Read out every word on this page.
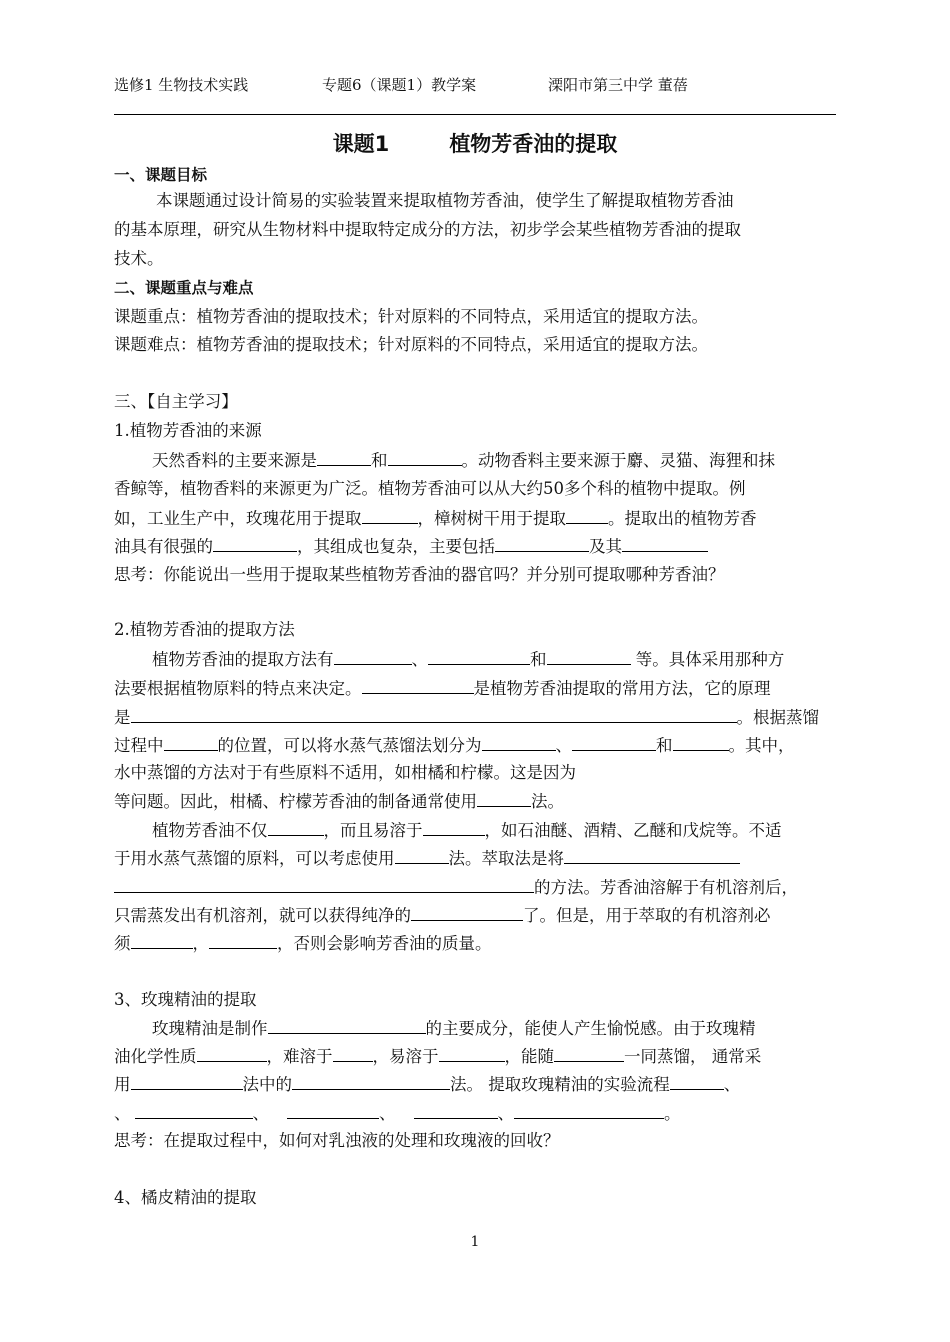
选修1 生物技术实践	专题6（课题1）教学案	溧阳市第三中学 董蓓
课题1	植物芳香油的提取
一、课题目标
本课题通过设计简易的实验装置来提取植物芳香油，使学生了解提取植物芳香油
的基本原理，研究从生物材料中提取特定成分的方法，初步学会某些植物芳香油的提取
技术。
二、课题重点与难点
课题重点：植物芳香油的提取技术；针对原料的不同特点，采用适宜的提取方法。
课题难点：植物芳香油的提取技术；针对原料的不同特点，采用适宜的提取方法。
三、【自主学习】
1.植物芳香油的来源
天然香料的主要来源是	和	。动物香料主要来源于麝、灵猫、海狸和抹
香鲸等，植物香料的来源更为广泛。植物芳香油可以从大约50多个科的植物中提取。例
如，工业生产中，玫瑰花用于提取	，樟树树干用于提取	。提取出的植物芳香
油具有很强的	，其组成也复杂，主要包括	及其
思考：你能说出一些用于提取某些植物芳香油的器官吗？并分别可提取哪种芳香油？
2.植物芳香油的提取方法
植物芳香油的提取方法有	、	和	等。具体采用那种方
法要根据植物原料的特点来决定。	是植物芳香油提取的常用方法，它的原理
是	。根据蒸馏
过程中	的位置，可以将水蒸气蒸馏法划分为	、	和	。其中，
水中蒸馏的方法对于有些原料不适用，如柑橘和柠檬。这是因为
等问题。因此，柑橘、柠檬芳香油的制备通常使用	法。
植物芳香油不仅	，而且易溶于	，如石油醚、酒精、乙醚和戊烷等。不适
于用水蒸气蒸馏的原料，可以考虑使用	法。萃取法是将
的方法。芳香油溶解于有机溶剂后，
只需蒸发出有机溶剂，就可以获得纯净的	了。但是，用于萃取的有机溶剂必
须	，	，否则会影响芳香油的质量。
3、玫瑰精油的提取
玫瑰精油是制作	的主要成分，能使人产生愉悦感。由于玫瑰精
油化学性质	，难溶于 ，易溶于	，能随	一同蒸馏， 通常采
用	法中的	法。 提取玫瑰精油的实验流程	、
、	、	、	、	。
思考：在提取过程中，如何对乳浊液的处理和玫瑰液的回收？
4、橘皮精油的提取
1
